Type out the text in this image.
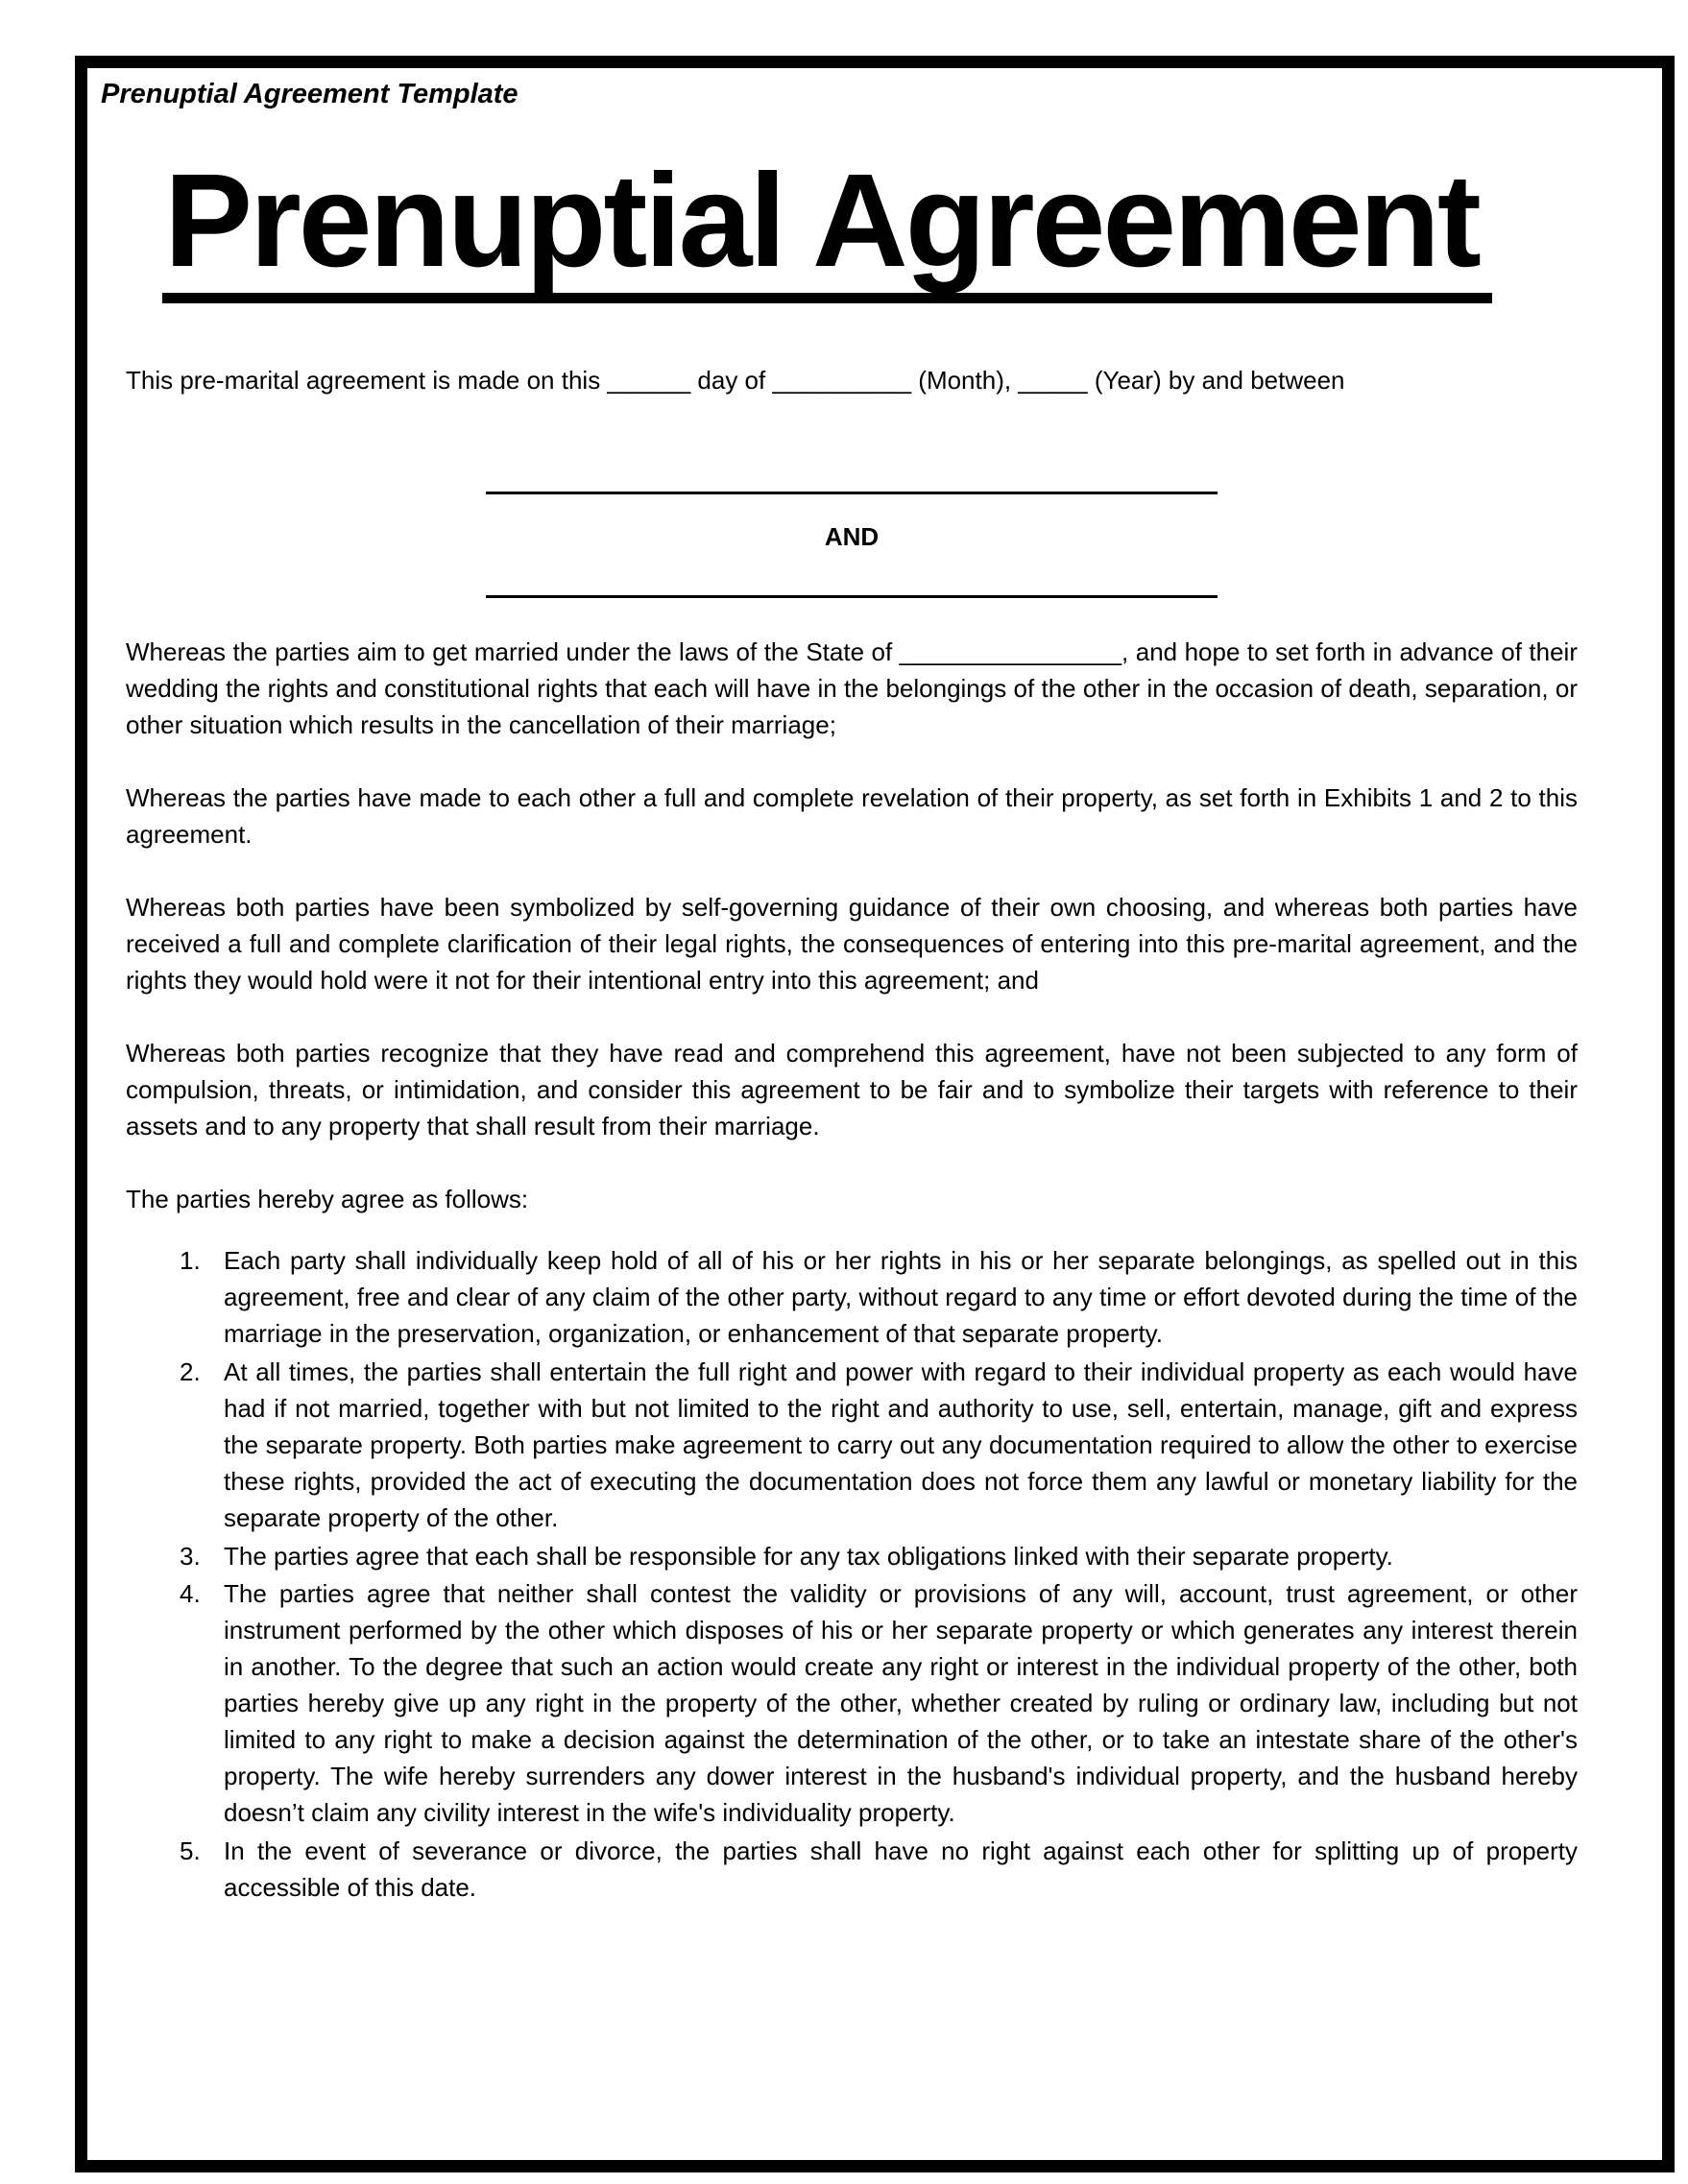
Prenuptial Agreement Template
Prenuptial Agreement

This pre-marital agreement is made on this ______ day of __________ (Month), _____ (Year) by and between

AND

Whereas the parties aim to get married under the laws of the State of ________________, and hope to set forth in advance of their wedding the rights and constitutional rights that each will have in the belongings of the other in the occasion of death, separation, or other situation which results in the cancellation of their marriage;

Whereas the parties have made to each other a full and complete revelation of their property, as set forth in Exhibits 1 and 2 to this agreement.

Whereas both parties have been symbolized by self-governing guidance of their own choosing, and whereas both parties have received a full and complete clarification of their legal rights, the consequences of entering into this pre-marital agreement, and the rights they would hold were it not for their intentional entry into this agreement; and

Whereas both parties recognize that they have read and comprehend this agreement, have not been subjected to any form of compulsion, threats, or intimidation, and consider this agreement to be fair and to symbolize their targets with reference to their assets and to any property that shall result from their marriage.

The parties hereby agree as follows:

1. Each party shall individually keep hold of all of his or her rights in his or her separate belongings, as spelled out in this agreement, free and clear of any claim of the other party, without regard to any time or effort devoted during the time of the marriage in the preservation, organization, or enhancement of that separate property.
2. At all times, the parties shall entertain the full right and power with regard to their individual property as each would have had if not married, together with but not limited to the right and authority to use, sell, entertain, manage, gift and express the separate property. Both parties make agreement to carry out any documentation required to allow the other to exercise these rights, provided the act of executing the documentation does not force them any lawful or monetary liability for the separate property of the other.
3. The parties agree that each shall be responsible for any tax obligations linked with their separate property.
4. The parties agree that neither shall contest the validity or provisions of any will, account, trust agreement, or other instrument performed by the other which disposes of his or her separate property or which generates any interest therein in another. To the degree that such an action would create any right or interest in the individual property of the other, both parties hereby give up any right in the property of the other, whether created by ruling or ordinary law, including but not limited to any right to make a decision against the determination of the other, or to take an intestate share of the other's property. The wife hereby surrenders any dower interest in the husband's individual property, and the husband hereby doesn’t claim any civility interest in the wife's individuality property.
5. In the event of severance or divorce, the parties shall have no right against each other for splitting up of property accessible of this date.
